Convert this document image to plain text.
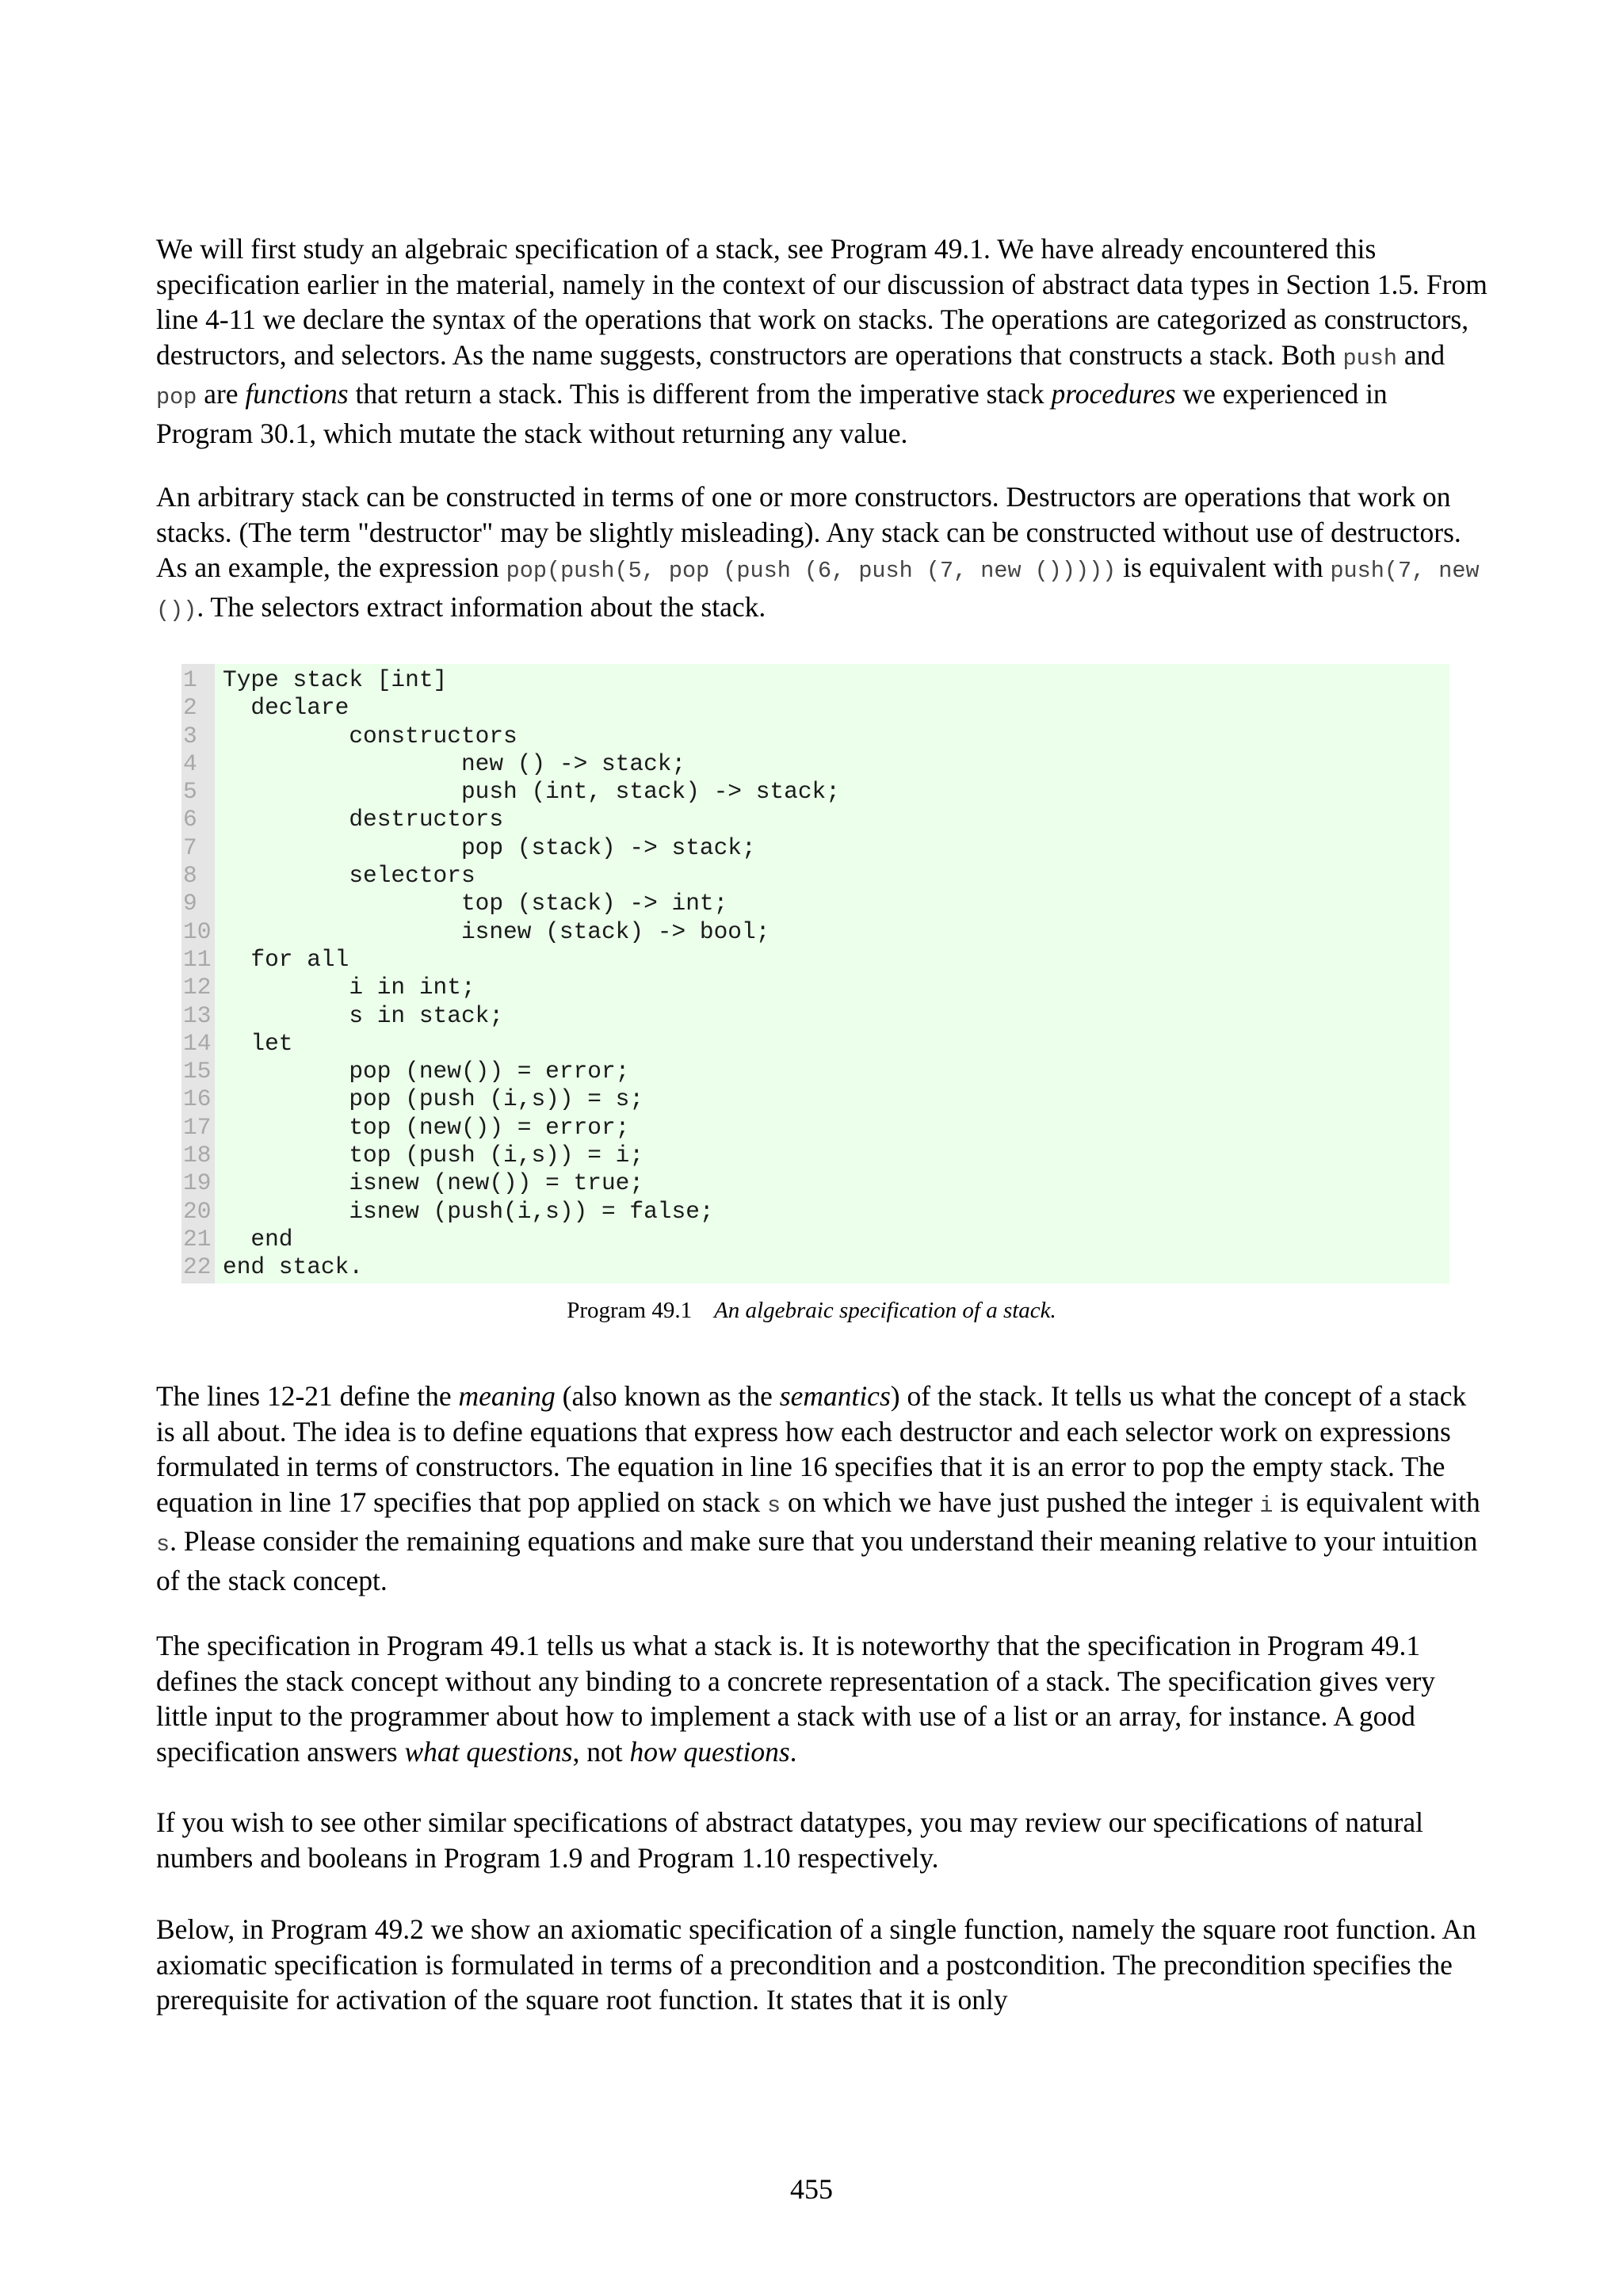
We will first study an algebraic specification of a stack, see Program 49.1. We have already encountered this specification earlier in the material, namely in the context of our discussion of abstract data types in Section 1.5. From line 4-11 we declare the syntax of the operations that work on stacks. The operations are categorized as constructors, destructors, and selectors. As the name suggests, constructors are operations that constructs a stack. Both push and pop are functions that return a stack. This is different from the imperative stack procedures we experienced in Program 30.1, which mutate the stack without returning any value.

An arbitrary stack can be constructed in terms of one or more constructors. Destructors are operations that work on stacks. (The term "destructor" may be slightly misleading). Any stack can be constructed without use of destructors. As an example, the expression pop(push(5, pop (push (6, push (7, new ())))) is equivalent with push(7, new ()). The selectors extract information about the stack.

1
2
3
4
5
6
7
8
9
10
11
12
13
14
15
16
17
18
19
20
21
22
Type stack [int]
declare
constructors
new () -> stack;
push (int, stack) -> stack;
destructors
pop (stack) -> stack;
selectors
top (stack) -> int;
isnew (stack) -> bool;
for all
i in int;
s in stack;
let
pop (new()) = error;
pop (push (i,s)) = s;
top (new()) = error;
top (push (i,s)) = i;
isnew (new()) = true;
isnew (push(i,s)) = false;
end
end stack.
Program 49.1 An algebraic specification of a stack.

The lines 12-21 define the meaning (also known as the semantics) of the stack. It tells us what the concept of a stack is all about. The idea is to define equations that express how each destructor and each selector work on expressions formulated in terms of constructors. The equation in line 16 specifies that it is an error to pop the empty stack. The equation in line 17 specifies that pop applied on stack s on which we have just pushed the integer i is equivalent with s. Please consider the remaining equations and make sure that you understand their meaning relative to your intuition of the stack concept.

The specification in Program 49.1 tells us what a stack is. It is noteworthy that the specification in Program 49.1 defines the stack concept without any binding to a concrete representation of a stack. The specification gives very little input to the programmer about how to implement a stack with use of a list or an array, for instance. A good specification answers what questions, not how questions.

If you wish to see other similar specifications of abstract datatypes, you may review our specifications of natural numbers and booleans in Program 1.9 and Program 1.10 respectively.

Below, in Program 49.2 we show an axiomatic specification of a single function, namely the square root function. An axiomatic specification is formulated in terms of a precondition and a postcondition. The precondition specifies the prerequisite for activation of the square root function. It states that it is only

455
